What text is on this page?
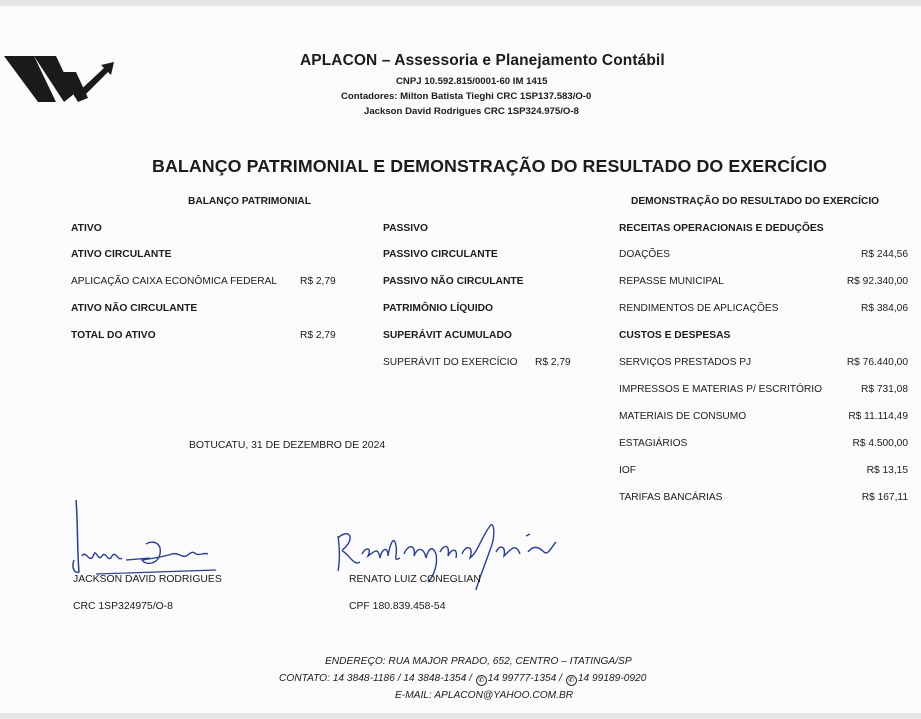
APLACON – Assessoria e Planejamento Contábil
CNPJ 10.592.815/0001-60 IM 1415
Contadores: Milton Batista Tieghi CRC 1SP137.583/O-0
Jackson David Rodrigues CRC 1SP324.975/O-8
BALANÇO PATRIMONIAL E DEMONSTRAÇÃO DO RESULTADO DO EXERCÍCIO
BALANÇO PATRIMONIAL
ATIVO
ATIVO CIRCULANTE
APLICAÇÃO CAIXA ECONÔMICA FEDERAL R$ 2,79
ATIVO NÃO CIRCULANTE
TOTAL DO ATIVO	R$ 2,79
PASSIVO
PASSIVO CIRCULANTE
PASSIVO NÃO CIRCULANTE
PATRIMÔNIO LÍQUIDO
SUPERÁVIT ACUMULADO
SUPERÁVIT DO EXERCÍCIO R$ 2,79
DEMONSTRAÇÃO DO RESULTADO DO EXERCÍCIO
RECEITAS OPERACIONAIS E DEDUÇÕES
DOAÇÕES	R$ 244,56
REPASSE MUNICIPAL	R$ 92.340,00
RENDIMENTOS DE APLICAÇÕES	R$ 384,06
CUSTOS E DESPESAS
SERVIÇOS PRESTADOS PJ	R$ 76.440,00
IMPRESSOS E MATERIAS P/ ESCRITÓRIO	R$ 731,08
MATERIAIS DE CONSUMO	R$ 11.114,49
ESTAGIÁRIOS	R$ 4.500,00
IOF	R$ 13,15
TARIFAS BANCÁRIAS	R$ 167,11
BOTUCATU, 31 DE DEZEMBRO DE 2024
JACKSON DAVID RODRIGUES
CRC 1SP324975/O-8
RENATO LUIZ CONEGLIAN
CPF 180.839.458-54
ENDEREÇO: RUA MAJOR PRADO, 652, CENTRO – ITATINGA/SP
CONTATO: 14 3848-1186 / 14 3848-1354 / ✆ 14 99777-1354 / ✆ 14 99189-0920
E-MAIL: APLACON@YAHOO.COM.BR
